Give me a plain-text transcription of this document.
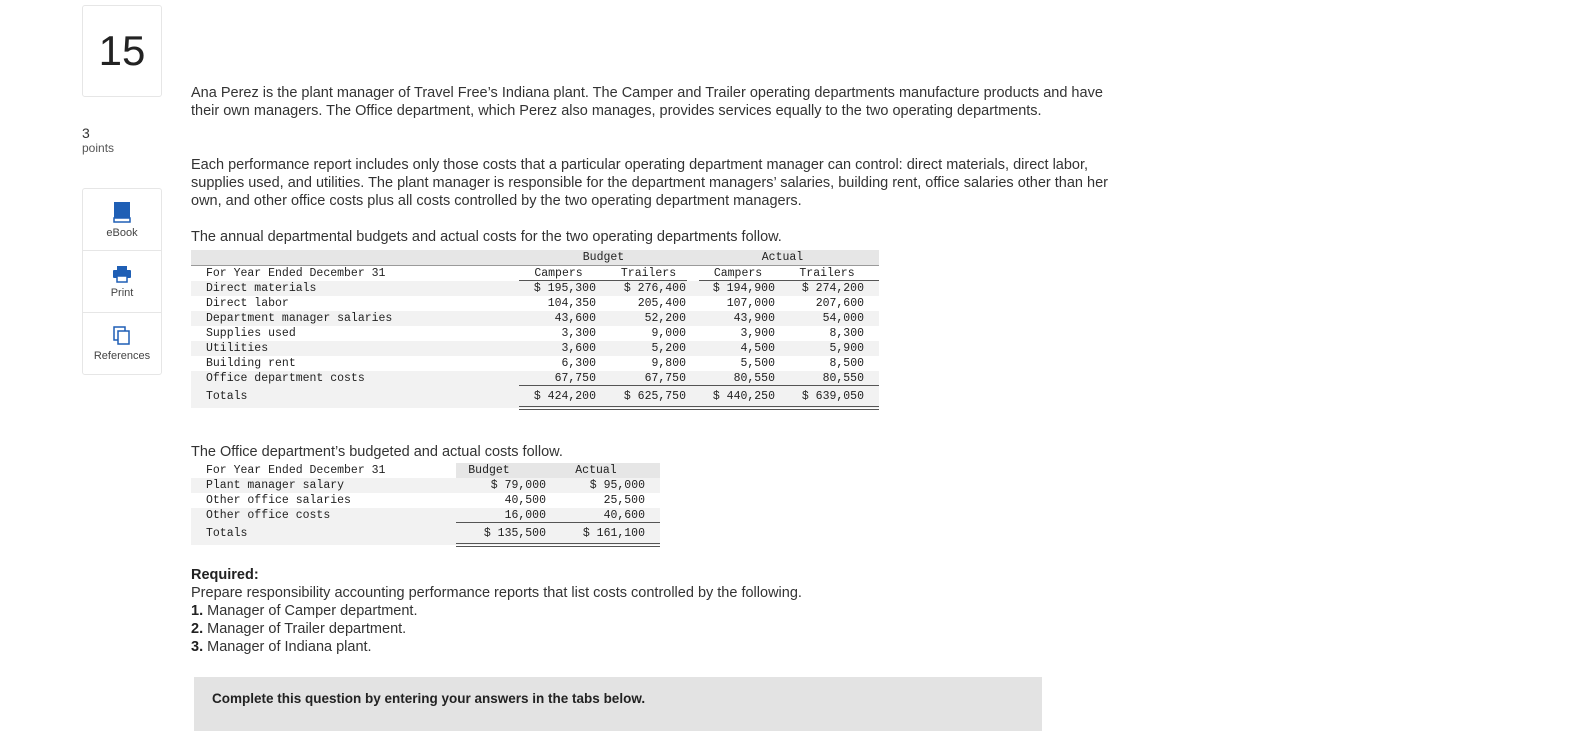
15
3
points
eBook
Print
References

Ana Perez is the plant manager of Travel Free’s Indiana plant. The Camper and Trailer operating departments manufacture products and have their own managers. The Office department, which Perez also manages, provides services equally to the two operating departments.

Each performance report includes only those costs that a particular operating department manager can control: direct materials, direct labor, supplies used, and utilities. The plant manager is responsible for the department managers’ salaries, building rent, office salaries other than her own, and other office costs plus all costs controlled by the two operating department managers.

The annual departmental budgets and actual costs for the two operating departments follow.

Budget	Actual
For Year Ended December 31	Campers	Trailers	Campers	Trailers
Direct materials	$ 195,300	$ 276,400	$ 194,900	$ 274,200
Direct labor	104,350	205,400	107,000	207,600
Department manager salaries	43,600	52,200	43,900	54,000
Supplies used	3,300	9,000	3,900	8,300
Utilities	3,600	5,200	4,500	5,900
Building rent	6,300	9,800	5,500	8,500
Office department costs	67,750	67,750	80,550	80,550
Totals	$ 424,200	$ 625,750	$ 440,250	$ 639,050

The Office department’s budgeted and actual costs follow.

For Year Ended December 31	Budget	Actual
Plant manager salary	$ 79,000	$ 95,000
Other office salaries	40,500	25,500
Other office costs	16,000	40,600
Totals	$ 135,500	$ 161,100
Required:
Prepare responsibility accounting performance reports that list costs controlled by the following.
1. Manager of Camper department.
2. Manager of Trailer department.
3. Manager of Indiana plant.
Complete this question by entering your answers in the tabs below.
